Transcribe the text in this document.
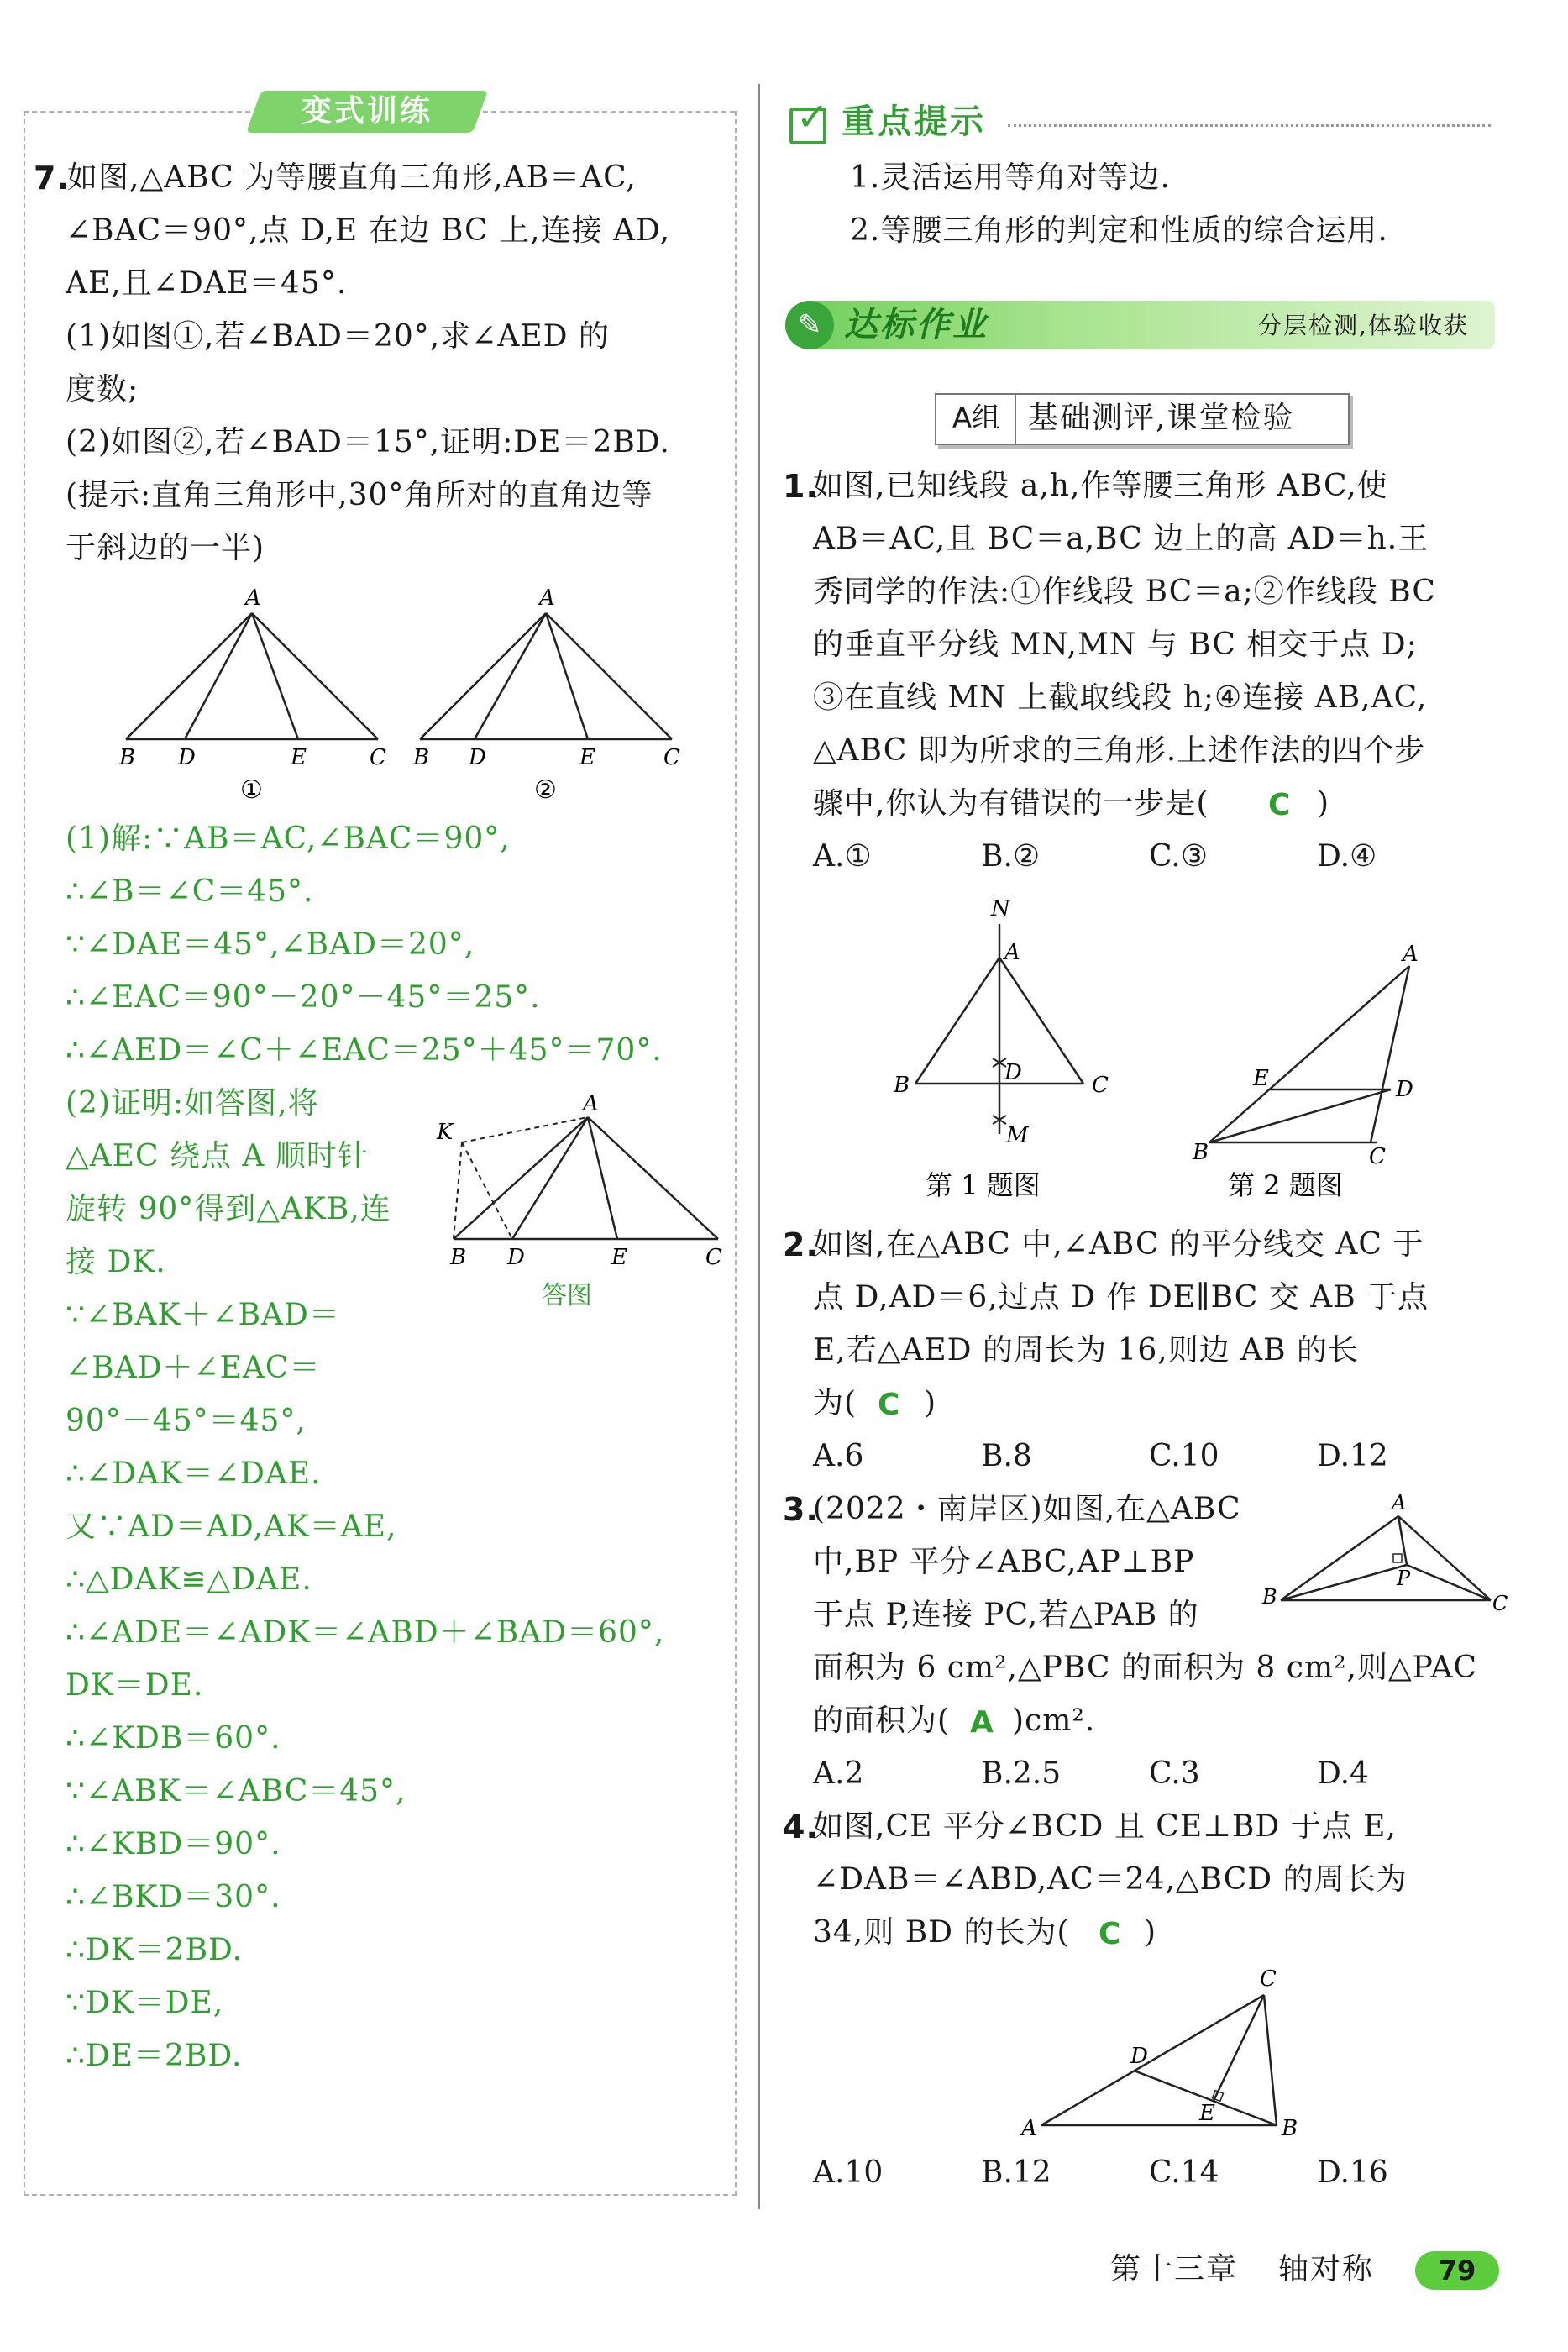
变式训练
7.
如图,△ABC 为等腰直角三角形,AB＝AC,
∠BAC＝90°,点 D,E 在边 BC 上,连接 AD,
AE,且∠DAE＝45°.
(1)如图①,若∠BAD＝20°,求∠AED 的
度数;
(2)如图②,若∠BAD＝15°,证明:DE＝2BD.
(提示:直角三角形中,30°角所对的直角边等
于斜边的一半)
A
B D	E	C
①
A
B D	E	C
②
(1)解:∵AB＝AC,∠BAC＝90°,
∴∠B＝∠C＝45°.
∵∠DAE＝45°,∠BAD＝20°,
∴∠EAC＝90°－20°－45°＝25°.
∴∠AED＝∠C＋∠EAC＝25°＋45°＝70°.
(2)证明:如答图,将
△AEC 绕点 A 顺时针
旋转 90°得到△AKB,连
接 DK.
∵∠BAK＋∠BAD＝
∠BAD＋∠EAC＝
90°－45°＝45°,
∴∠DAK＝∠DAE.
又∵AD＝AD,AK＝AE,
∴△DAK≌△DAE.
∴∠ADE＝∠ADK＝∠ABD＋∠BAD＝60°,
DK＝DE.
∴∠KDB＝60°.
∵∠ABK＝∠ABC＝45°,
∴∠KBD＝90°.
∴∠BKD＝30°.
∴DK＝2BD.
∵DK＝DE,
∴DE＝2BD.
A
K
B D	E	C
答图
✓ 重点提示
1.灵活运用等角对等边.
2.等腰三角形的判定和性质的综合运用.
✎ 达标作业	分层检测,体验收获
A组 基础测评,课堂检验
1.
如图,已知线段 a,h,作等腰三角形 ABC,使
AB＝AC,且 BC＝a,BC 边上的高 AD＝h.王
秀同学的作法:①作线段 BC＝a;②作线段 BC
的垂直平分线 MN,MN 与 BC 相交于点 D;
③在直线 MN 上截取线段 h;④连接 AB,AC,
△ABC 即为所求的三角形.上述作法的四个步
骤中,你认为有错误的一步是( C )
A.①	B.②	C.③	D.④
N
A
B	D	C
M
第 1 题图
A
E	D
B	C
第 2 题图
2.
如图,在△ABC 中,∠ABC 的平分线交 AC 于
点 D,AD＝6,过点 D 作 DE∥BC 交 AB 于点
E,若△AED 的周长为 16,则边 AB 的长
为( C )
A.6	B.8	C.10	D.12
3.
(2022・南岸区)如图,在△ABC
中,BP 平分∠ABC,AP⊥BP
于点 P,连接 PC,若△PAB 的
面积为 6 cm²,△PBC 的面积为 8 cm²,则△PAC
的面积为( A )cm².
A.2	B.2.5	C.3	D.4
A
P
B	C
4.
如图,CE 平分∠BCD 且 CE⊥BD 于点 E,
∠DAB＝∠ABD,AC＝24,△BCD 的周长为
34,则 BD 的长为( C )
C
D
E
A	B
A.10	B.12	C.14	D.16
第十三章 轴对称	79
